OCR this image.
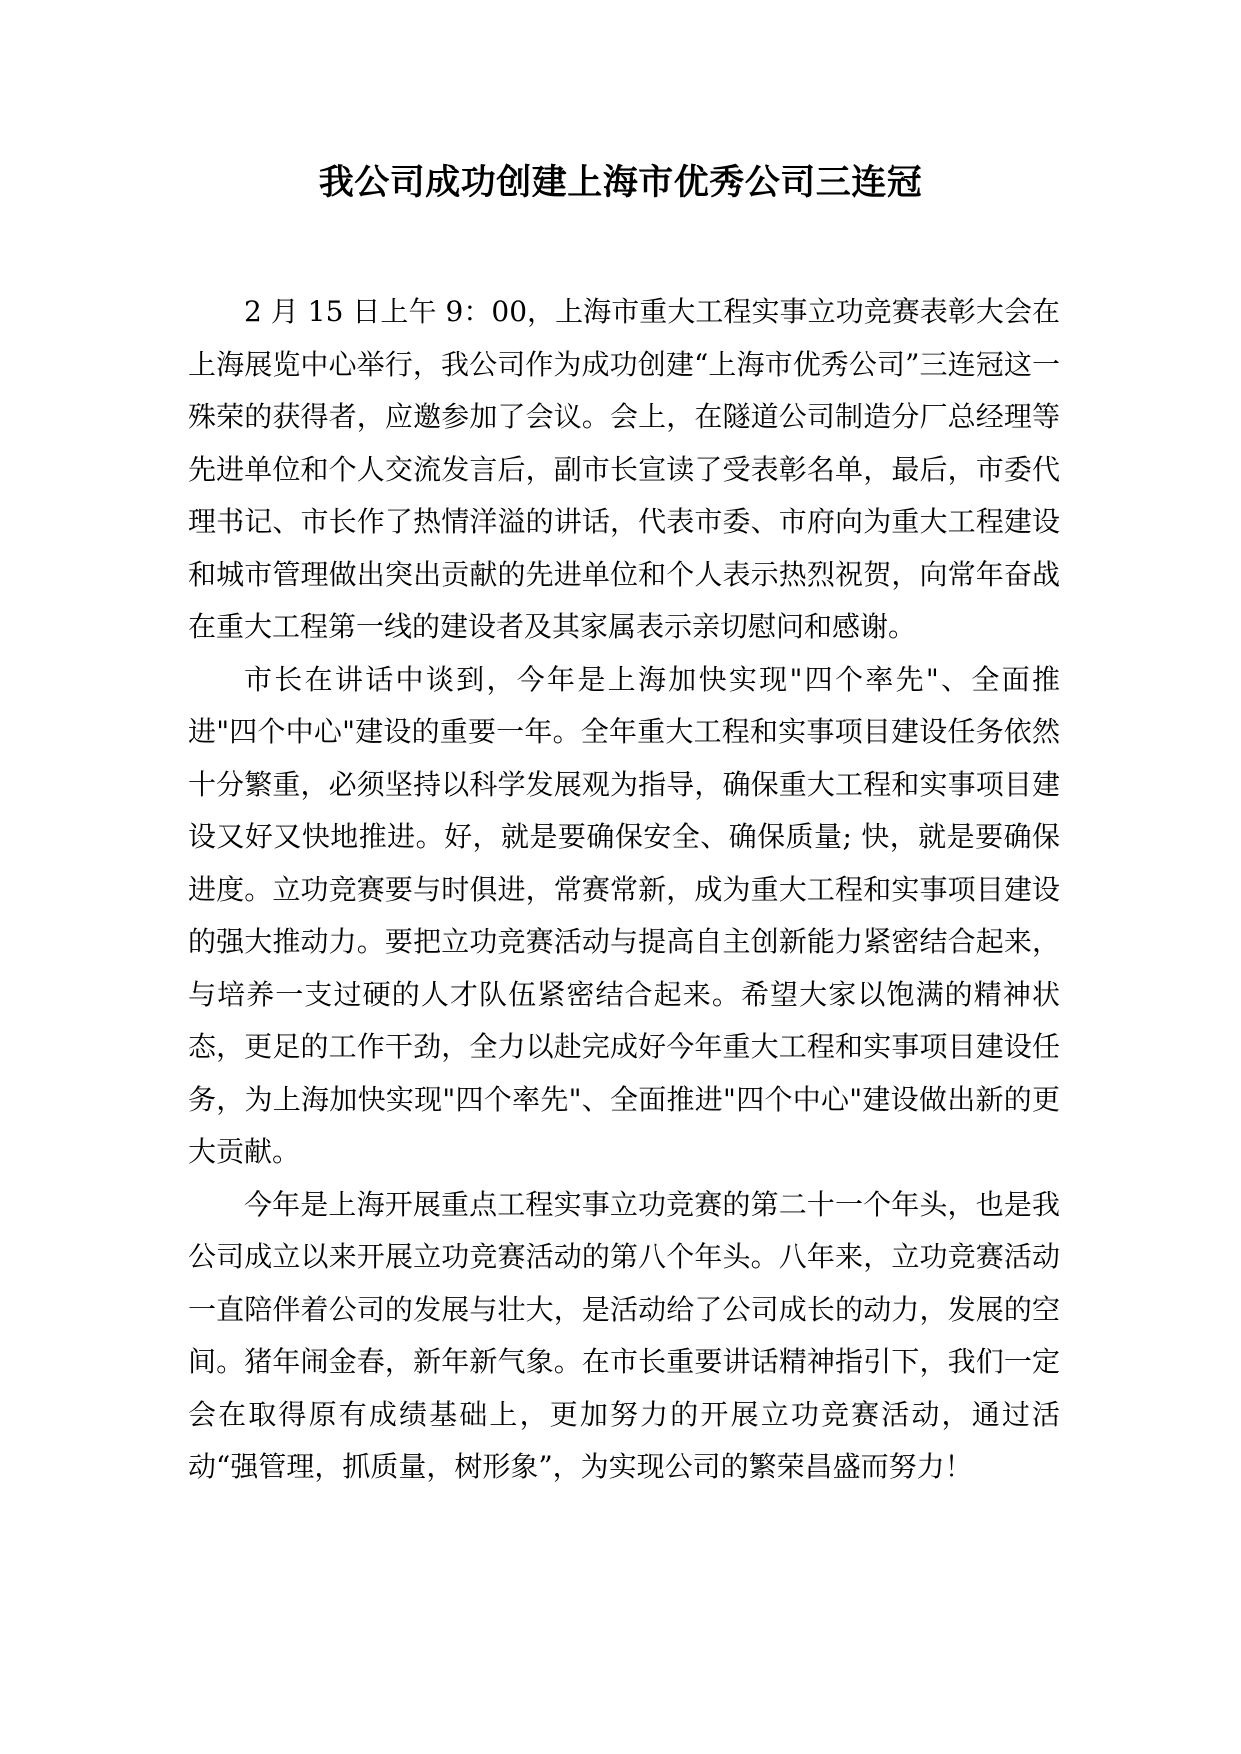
我公司成功创建上海市优秀公司三连冠

2 月 15 日上午 9：00，上海市重大工程实事立功竞赛表彰大会在上海展览中心举行，我公司作为成功创建“上海市优秀公司”三连冠这一殊荣的获得者，应邀参加了会议。会上，在隧道公司制造分厂总经理等先进单位和个人交流发言后，副市长宣读了受表彰名单，最后，市委代理书记、市长作了热情洋溢的讲话，代表市委、市府向为重大工程建设和城市管理做出突出贡献的先进单位和个人表示热烈祝贺，向常年奋战在重大工程第一线的建设者及其家属表示亲切慰问和感谢。

市长在讲话中谈到，今年是上海加快实现"四个率先"、全面推进"四个中心"建设的重要一年。全年重大工程和实事项目建设任务依然十分繁重，必须坚持以科学发展观为指导，确保重大工程和实事项目建设又好又快地推进。好，就是要确保安全、确保质量; 快，就是要确保进度。立功竞赛要与时俱进，常赛常新，成为重大工程和实事项目建设的强大推动力。要把立功竞赛活动与提高自主创新能力紧密结合起来，与培养一支过硬的人才队伍紧密结合起来。希望大家以饱满的精神状态，更足的工作干劲，全力以赴完成好今年重大工程和实事项目建设任务，为上海加快实现"四个率先"、全面推进"四个中心"建设做出新的更大贡献。

今年是上海开展重点工程实事立功竞赛的第二十一个年头，也是我公司成立以来开展立功竞赛活动的第八个年头。八年来，立功竞赛活动一直陪伴着公司的发展与壮大，是活动给了公司成长的动力，发展的空间。猪年闹金春，新年新气象。在市长重要讲话精神指引下，我们一定会在取得原有成绩基础上，更加努力的开展立功竞赛活动，通过活动“强管理，抓质量，树形象”，为实现公司的繁荣昌盛而努力！
